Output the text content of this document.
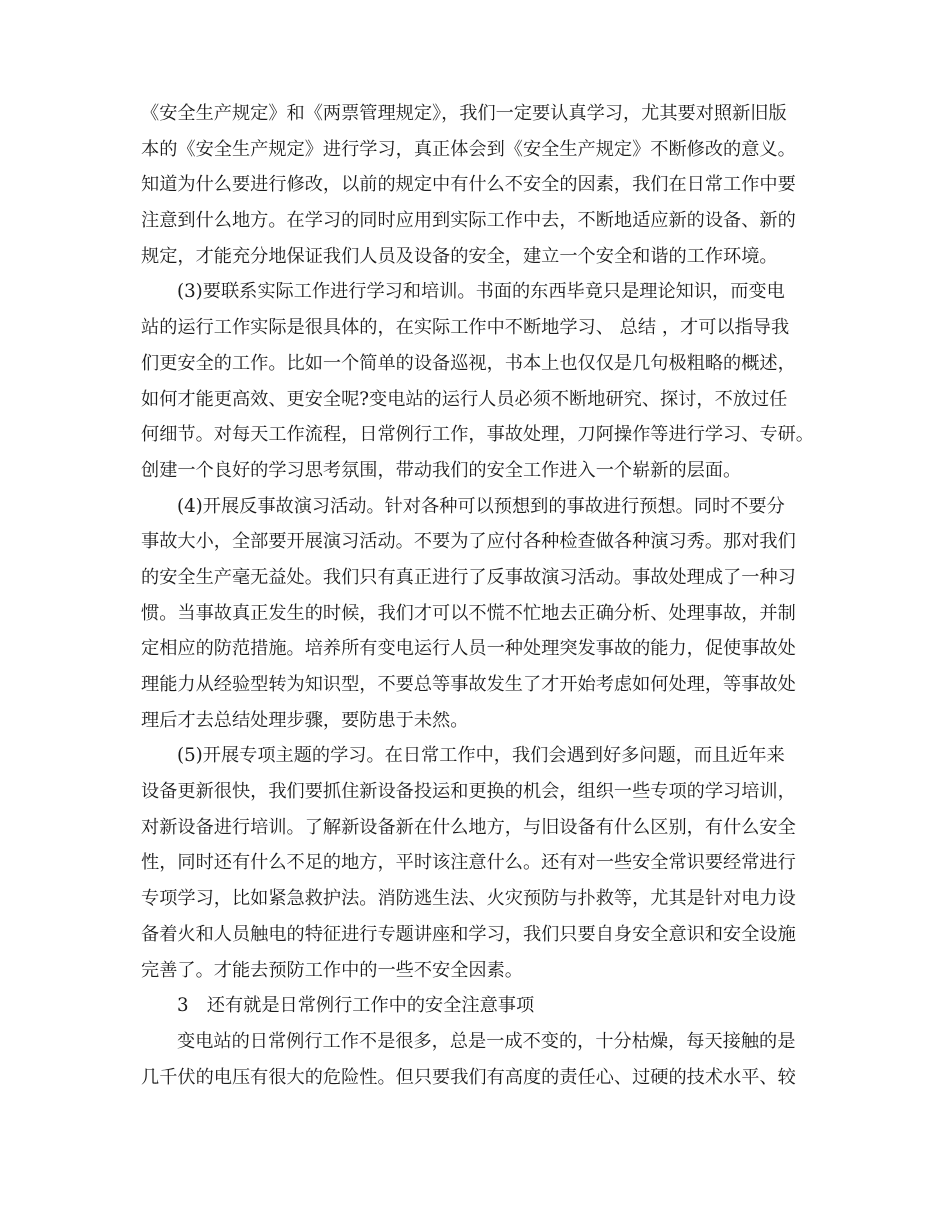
《安全生产规定》和《两票管理规定》，我们一定要认真学习，尤其要对照新旧版
本的《安全生产规定》进行学习，真正体会到《安全生产规定》不断修改的意义。
知道为什么要进行修改，以前的规定中有什么不安全的因素，我们在日常工作中要
注意到什么地方。在学习的同时应用到实际工作中去，不断地适应新的设备、新的
规定，才能充分地保证我们人员及设备的安全，建立一个安全和谐的工作环境。
(3)要联系实际工作进行学习和培训。书面的东西毕竟只是理论知识，而变电
站的运行工作实际是很具体的，在实际工作中不断地学习、 总结 ，才可以指导我
们更安全的工作。比如一个简单的设备巡视，书本上也仅仅是几句极粗略的概述，
如何才能更高效、更安全呢?变电站的运行人员必须不断地研究、探讨，不放过任
何细节。对每天工作流程，日常例行工作，事故处理，刀阿操作等进行学习、专研。
创建一个良好的学习思考氛围，带动我们的安全工作进入一个崭新的层面。
(4)开展反事故演习活动。针对各种可以预想到的事故进行预想。同时不要分
事故大小，全部要开展演习活动。不要为了应付各种检查做各种演习秀。那对我们
的安全生产毫无益处。我们只有真正进行了反事故演习活动。事故处理成了一种习
惯。当事故真正发生的时候，我们才可以不慌不忙地去正确分析、处理事故，并制
定相应的防范措施。培养所有变电运行人员一种处理突发事故的能力，促使事故处
理能力从经验型转为知识型，不要总等事故发生了才开始考虑如何处理，等事故处
理后才去总结处理步骤，要防患于未然。
(5)开展专项主题的学习。在日常工作中，我们会遇到好多问题，而且近年来
设备更新很快，我们要抓住新设备投运和更换的机会，组织一些专项的学习培训，
对新设备进行培训。了解新设备新在什么地方，与旧设备有什么区别，有什么安全
性，同时还有什么不足的地方，平时该注意什么。还有对一些安全常识要经常进行
专项学习，比如紧急救护法。消防逃生法、火灾预防与扑救等，尤其是针对电力设
备着火和人员触电的特征进行专题讲座和学习，我们只要自身安全意识和安全设施
完善了。才能去预防工作中的一些不安全因素。
3　还有就是日常例行工作中的安全注意事项
变电站的日常例行工作不是很多，总是一成不变的，十分枯燥，每天接触的是
几千伏的电压有很大的危险性。但只要我们有高度的责任心、过硬的技术水平、较
